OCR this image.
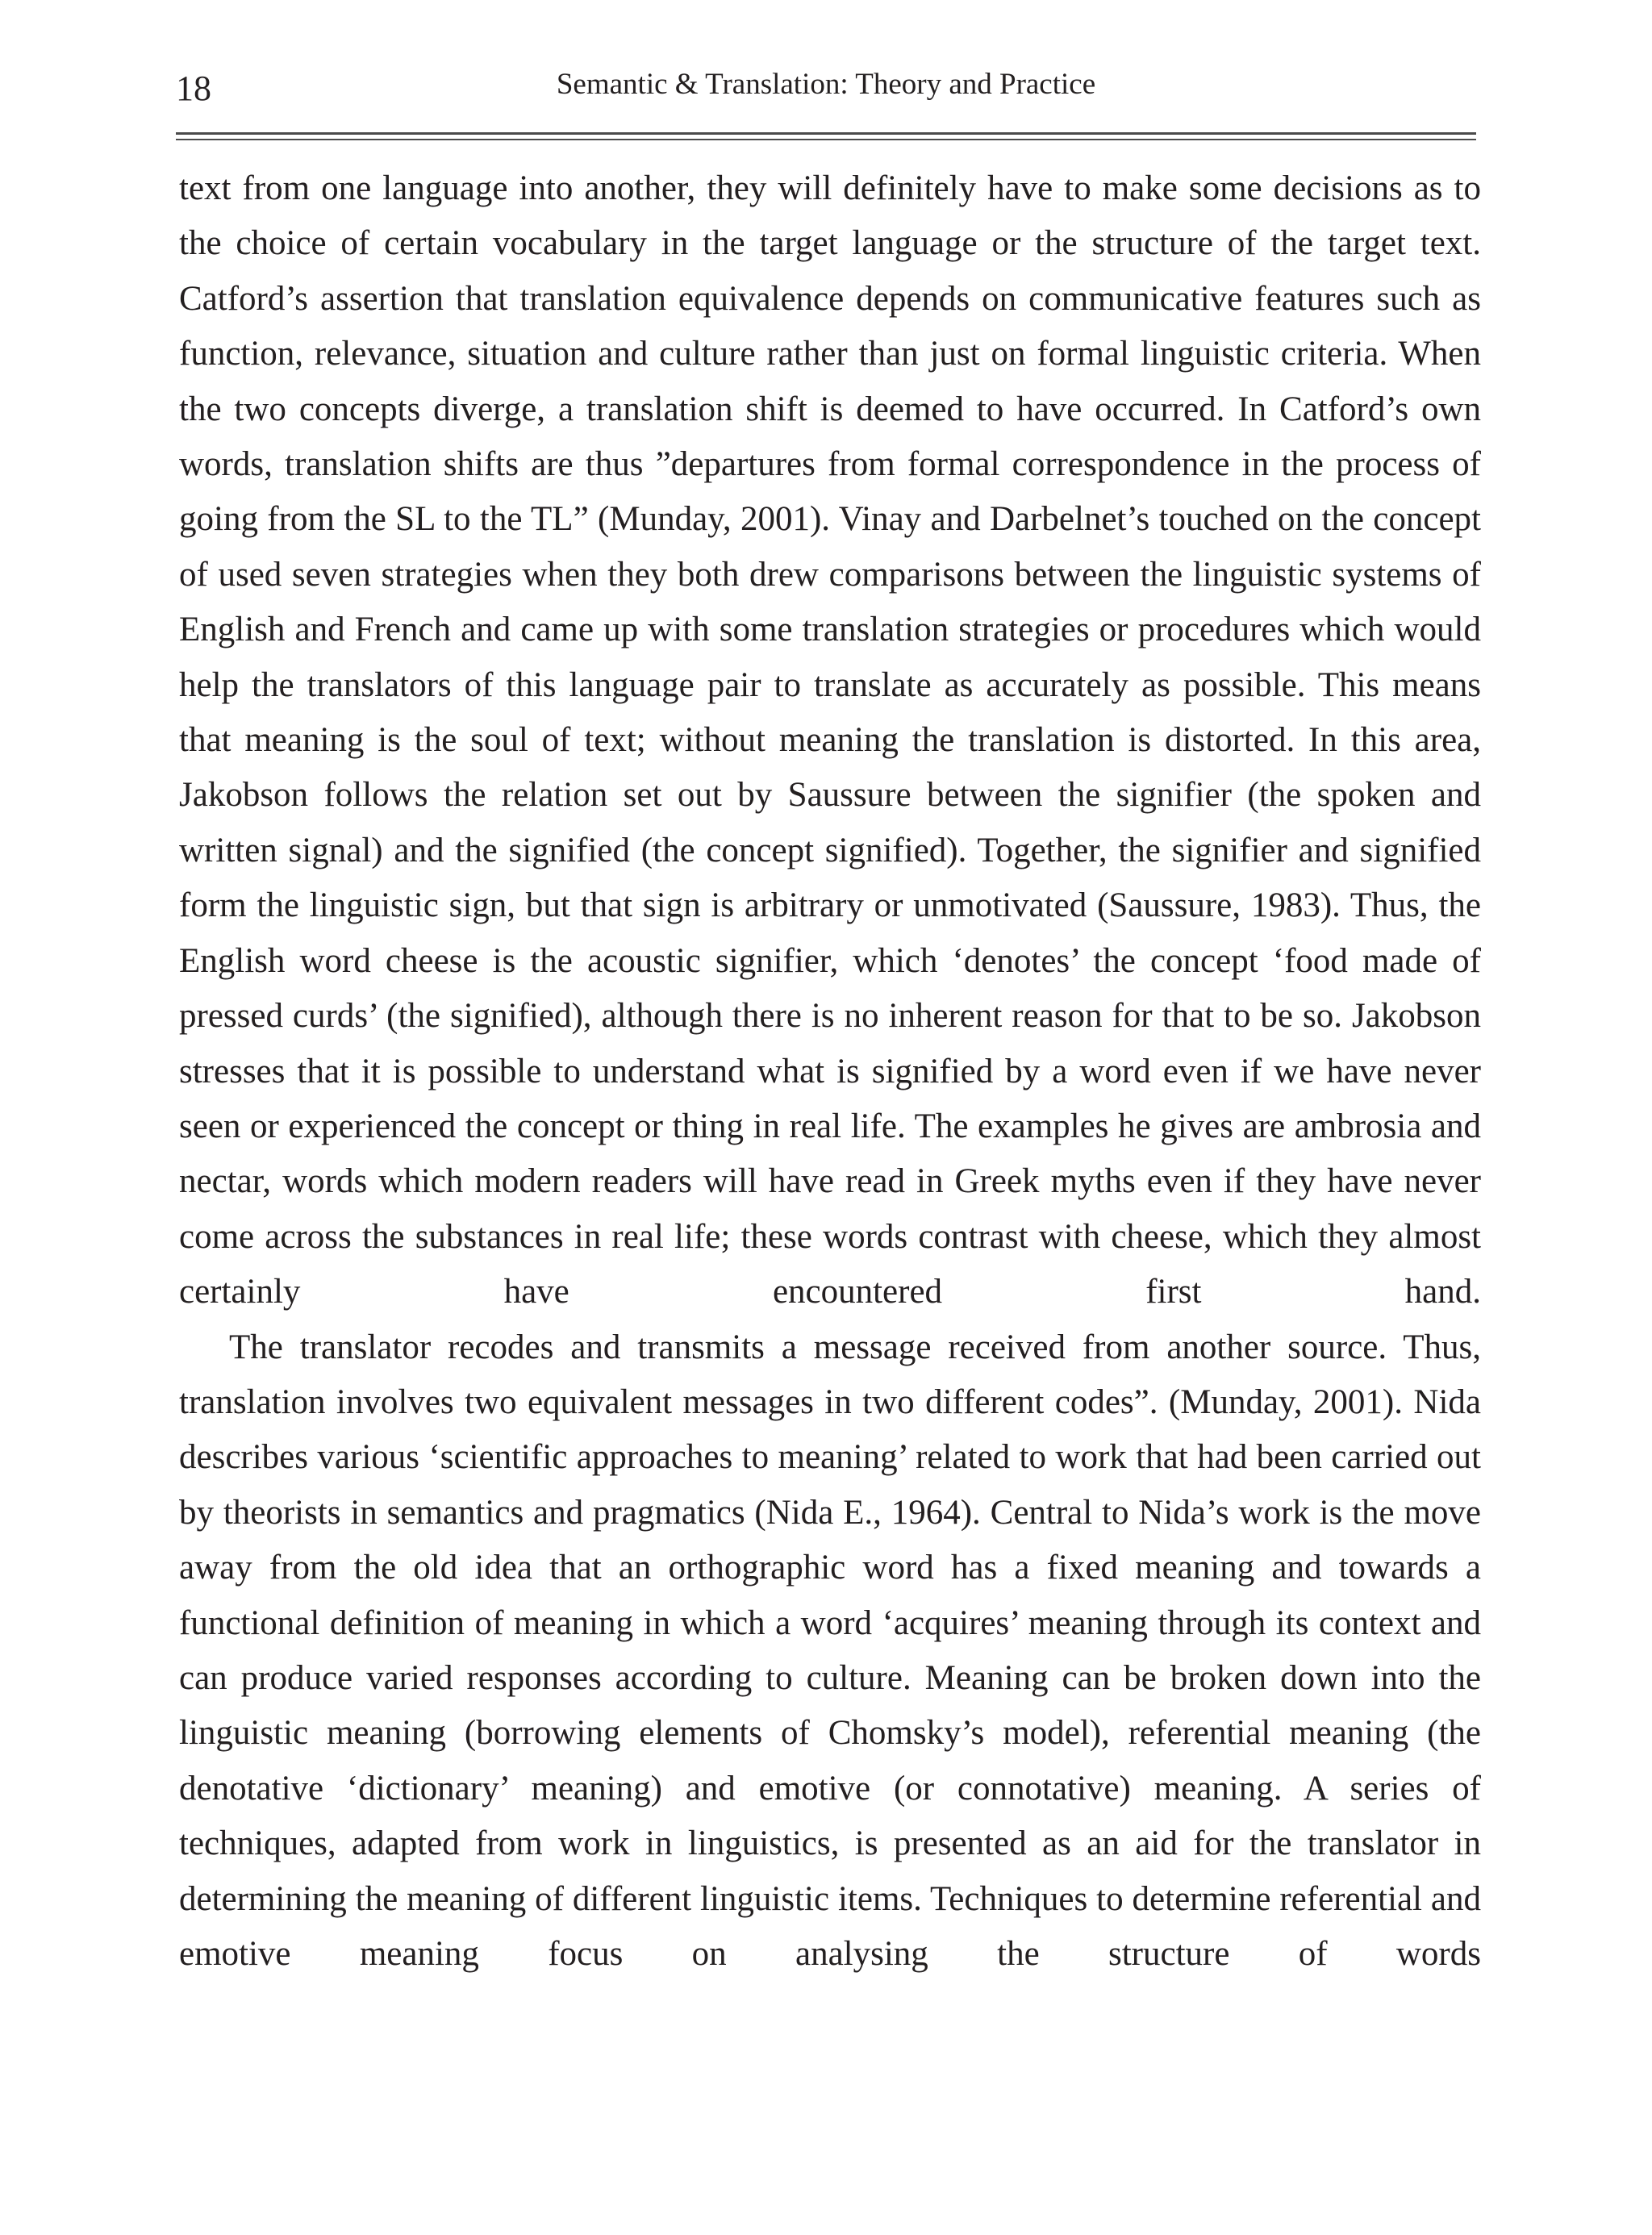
18	Semantic & Translation: Theory and Practice

text from one language into another, they will definitely have to make some decisions as to the choice of certain vocabulary in the target language or the structure of the target text. Catford’s assertion that translation equivalence depends on communicative features such as function, relevance, situation and culture rather than just on formal linguistic criteria. When the two concepts diverge, a translation shift is deemed to have occurred. In Catford’s own words, translation shifts are thus ”departures from formal correspondence in the process of going from the SL to the TL” (Munday, 2001). Vinay and Darbelnet’s touched on the concept of used seven strategies when they both drew comparisons between the linguistic systems of English and French and came up with some translation strategies or procedures which would help the translators of this language pair to translate as accurately as possible. This means that meaning is the soul of text; without meaning the translation is distorted. In this area, Jakobson follows the relation set out by Saussure between the signifier (the spoken and written signal) and the signified (the concept signified). Together, the signifier and signified form the linguistic sign, but that sign is arbitrary or unmotivated (Saussure, 1983). Thus, the English word cheese is the acoustic signifier, which ‘denotes’ the concept ‘food made of pressed curds’ (the signified), although there is no inherent reason for that to be so. Jakobson stresses that it is possible to understand what is signified by a word even if we have never seen or experienced the concept or thing in real life. The examples he gives are ambrosia and nectar, words which modern readers will have read in Greek myths even if they have never come across the substances in real life; these words contrast with cheese, which they almost certainly have encountered first hand.

The translator recodes and transmits a message received from another source. Thus, translation involves two equivalent messages in two different codes”. (Munday, 2001). Nida describes various ‘scientific approaches to meaning’ related to work that had been carried out by theorists in semantics and pragmatics (Nida E., 1964). Central to Nida’s work is the move away from the old idea that an orthographic word has a fixed meaning and towards a functional definition of meaning in which a word ‘acquires’ meaning through its context and can produce varied responses according to culture. Meaning can be broken down into the linguistic meaning (borrowing elements of Chomsky’s model), referential meaning (the denotative ‘dictionary’ meaning) and emotive (or connotative) meaning. A series of techniques, adapted from work in linguistics, is presented as an aid for the translator in determining the meaning of different linguistic items. Techniques to determine referential and emotive meaning focus on analysing the structure of words
